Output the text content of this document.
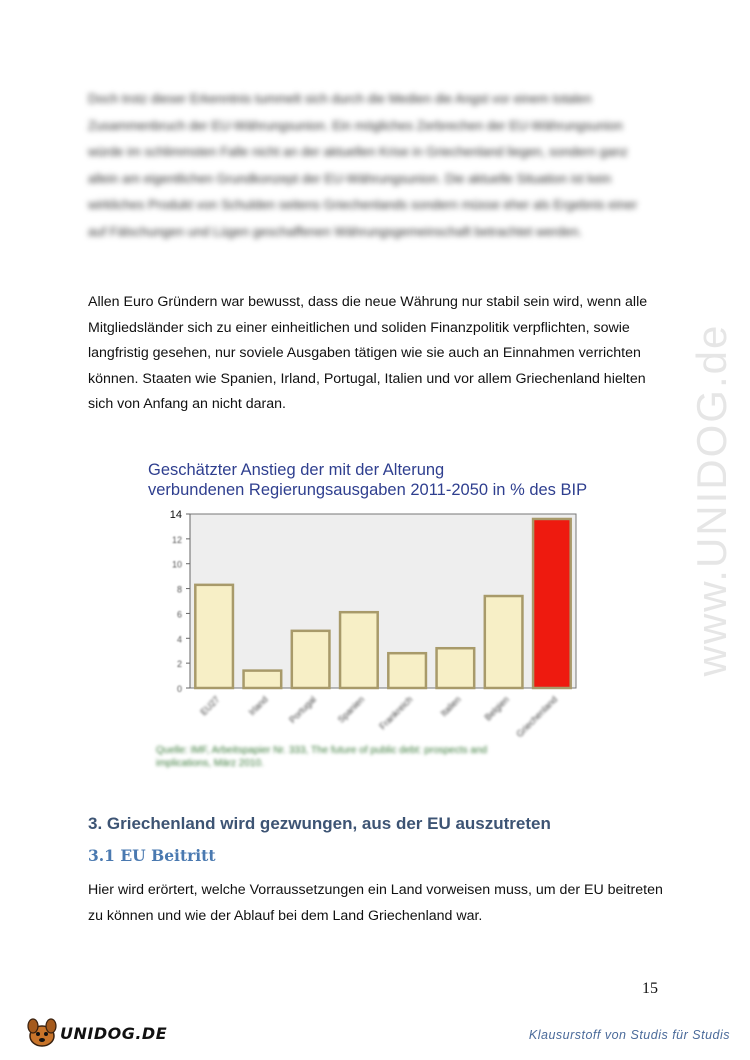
Doch trotz dieser Erkenntnis tummelt sich durch die Medien die Angst vor einem totalen Zusammenbruch der EU-Währungsunion. Ein mögliches Zerbrechen der EU-Währungsunion würde im schlimmsten Falle nicht an der aktuellen Krise in Griechenland liegen, sondern ganz allein am eigentlichen Grundkonzept der EU-Währungsunion. Die aktuelle Situation ist kein wirkliches Produkt von Schulden seitens Griechenlands sondern müsse eher als Ergebnis einer auf Fälschungen und Lügen geschaffenen Währungsgemeinschaft betrachtet werden.
Allen Euro Gründern war bewusst, dass die neue Währung nur stabil sein wird, wenn alle Mitgliedsländer sich zu einer einheitlichen und soliden Finanzpolitik verpflichten, sowie langfristig gesehen, nur soviele Ausgaben tätigen wie sie auch an Einnahmen verrichten können. Staaten wie Spanien, Irland, Portugal, Italien und vor allem Griechenland hielten sich von Anfang an nicht daran.	www.UNIDOG.de
Geschätzter Anstieg der mit der Alterung
verbundenen Regierungsausgaben 2011-2050 in % des BIP
0
2
4
6
8
10
12
14
EU27	Irland Portugal Spanien Frankreich	Italien Belgien Griechenland
Quelle: IMF, Arbeitspapier Nr. 333, The future of public debt: prospects and implications, März 2010.
3. Griechenland wird gezwungen, aus der EU auszutreten
3.1 EU Beitritt
Hier wird erörtert, welche Vorraussetzungen ein Land vorweisen muss, um der EU beitreten zu können und wie der Ablauf bei dem Land Griechenland war.
15
UNIDOG.DE	Klausurstoff von Studis für Studis
